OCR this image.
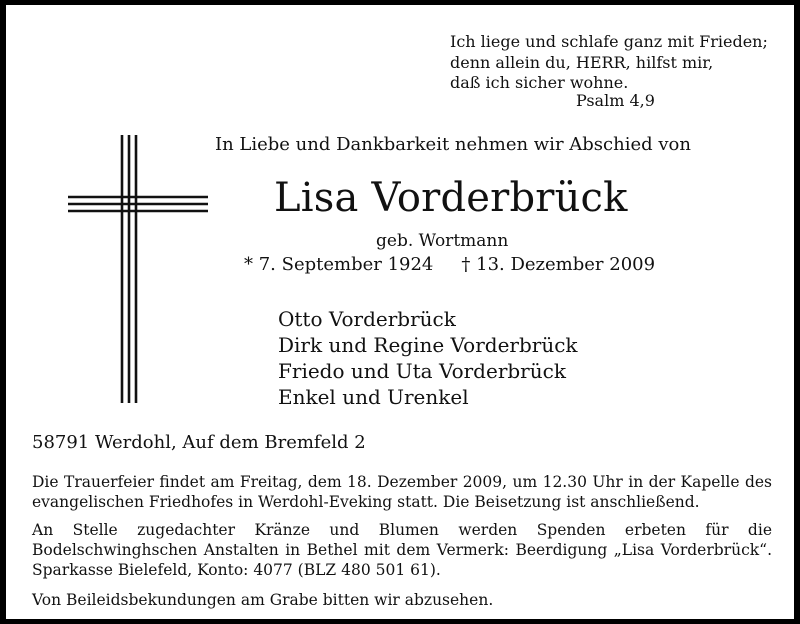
Ich liege und schlafe ganz mit Frieden;
denn allein du, HERR, hilfst mir,
daß ich sicher wohne.
Psalm 4,9
In Liebe und Dankbarkeit nehmen wir Abschied von
Lisa Vorderbrück
geb. Wortmann
* 7. September 1924 † 13. Dezember 2009
Otto Vorderbrück
Dirk und Regine Vorderbrück
Friedo und Uta Vorderbrück
Enkel und Urenkel
58791 Werdohl, Auf dem Bremfeld 2
Die Trauerfeier findet am Freitag, dem 18. Dezember 2009, um 12.30 Uhr in der Kapelle des evangelischen Friedhofes in Werdohl-Eveking statt. Die Beisetzung ist anschließend.
An Stelle zugedachter Kränze und Blumen werden Spenden erbeten für die Bodelschwinghschen Anstalten in Bethel mit dem Vermerk: Beerdigung „Lisa Vorderbrück“. Sparkasse Bielefeld, Konto: 4077 (BLZ 480 501 61).
Von Beileidsbekundungen am Grabe bitten wir abzusehen.
